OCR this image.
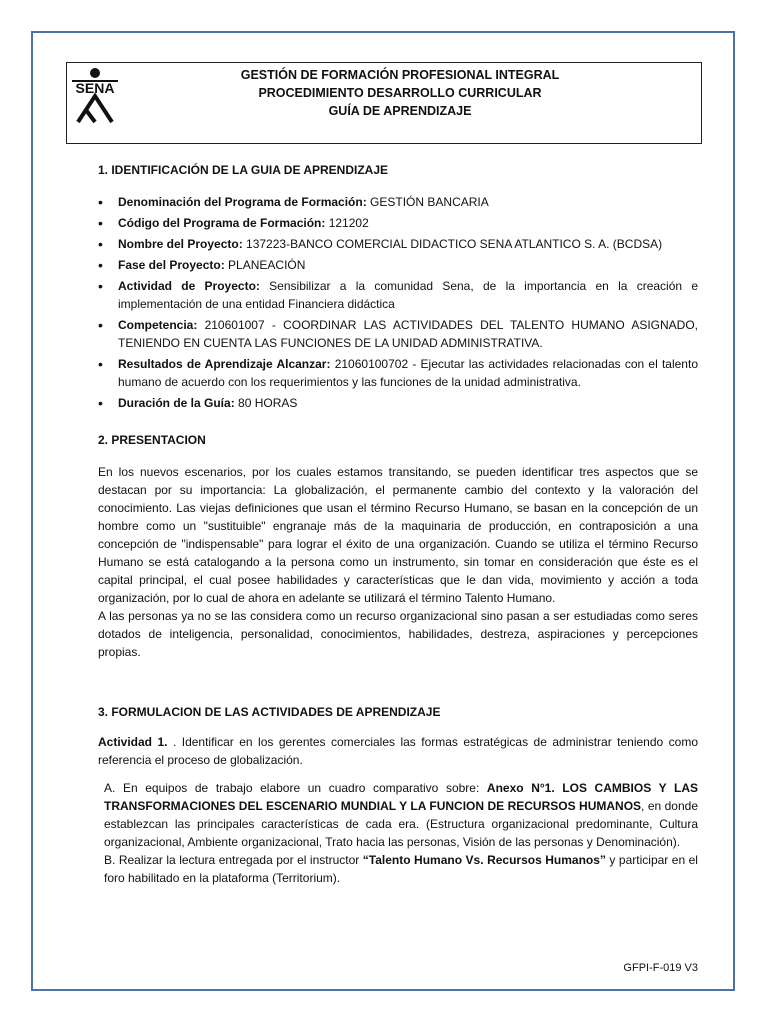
SENA
GESTIÓN DE FORMACIÓN PROFESIONAL INTEGRAL
PROCEDIMIENTO DESARROLLO CURRICULAR
GUÍA DE APRENDIZAJE
1. IDENTIFICACIÓN DE LA GUIA DE APRENDIZAJE
• Denominación del Programa de Formación: GESTIÓN BANCARIA
• Código del Programa de Formación: 121202
• Nombre del Proyecto: 137223-BANCO COMERCIAL DIDACTICO SENA ATLANTICO S. A. (BCDSA)
• Fase del Proyecto: PLANEACIÓN
• Actividad de Proyecto: Sensibilizar a la comunidad Sena, de la importancia en la creación e implementación de una entidad Financiera didáctica
• Competencia: 210601007 - COORDINAR LAS ACTIVIDADES DEL TALENTO HUMANO ASIGNADO, TENIENDO EN CUENTA LAS FUNCIONES DE LA UNIDAD ADMINISTRATIVA.
• Resultados de Aprendizaje Alcanzar: 21060100702 - Ejecutar las actividades relacionadas con el talento humano de acuerdo con los requerimientos y las funciones de la unidad administrativa.
• Duración de la Guía: 80 HORAS
2. PRESENTACION

En los nuevos escenarios, por los cuales estamos transitando, se pueden identificar tres aspectos que se destacan por su importancia: La globalización, el permanente cambio del contexto y la valoración del conocimiento. Las viejas definiciones que usan el término Recurso Humano, se basan en la concepción de un hombre como un "sustituible" engranaje más de la maquinaria de producción, en contraposición a una concepción de "indispensable" para lograr el éxito de una organización. Cuando se utiliza el término Recurso Humano se está catalogando a la persona como un instrumento, sin tomar en consideración que éste es el capital principal, el cual posee habilidades y características que le dan vida, movimiento y acción a toda organización, por lo cual de ahora en adelante se utilizará el término Talento Humano.

A las personas ya no se las considera como un recurso organizacional sino pasan a ser estudiadas como seres dotados de inteligencia, personalidad, conocimientos, habilidades, destreza, aspiraciones y percepciones propias.

3. FORMULACION DE LAS ACTIVIDADES DE APRENDIZAJE

Actividad 1. . Identificar en los gerentes comerciales las formas estratégicas de administrar teniendo como referencia el proceso de globalización.

A. En equipos de trabajo elabore un cuadro comparativo sobre: Anexo N°1. LOS CAMBIOS Y LAS TRANSFORMACIONES DEL ESCENARIO MUNDIAL Y LA FUNCION DE RECURSOS HUMANOS, en donde establezcan las principales características de cada era. (Estructura organizacional predominante, Cultura organizacional, Ambiente organizacional, Trato hacia las personas, Visión de las personas y Denominación).

B. Realizar la lectura entregada por el instructor “Talento Humano Vs. Recursos Humanos” y participar en el foro habilitado en la plataforma (Territorium).

GFPI-F-019 V3
